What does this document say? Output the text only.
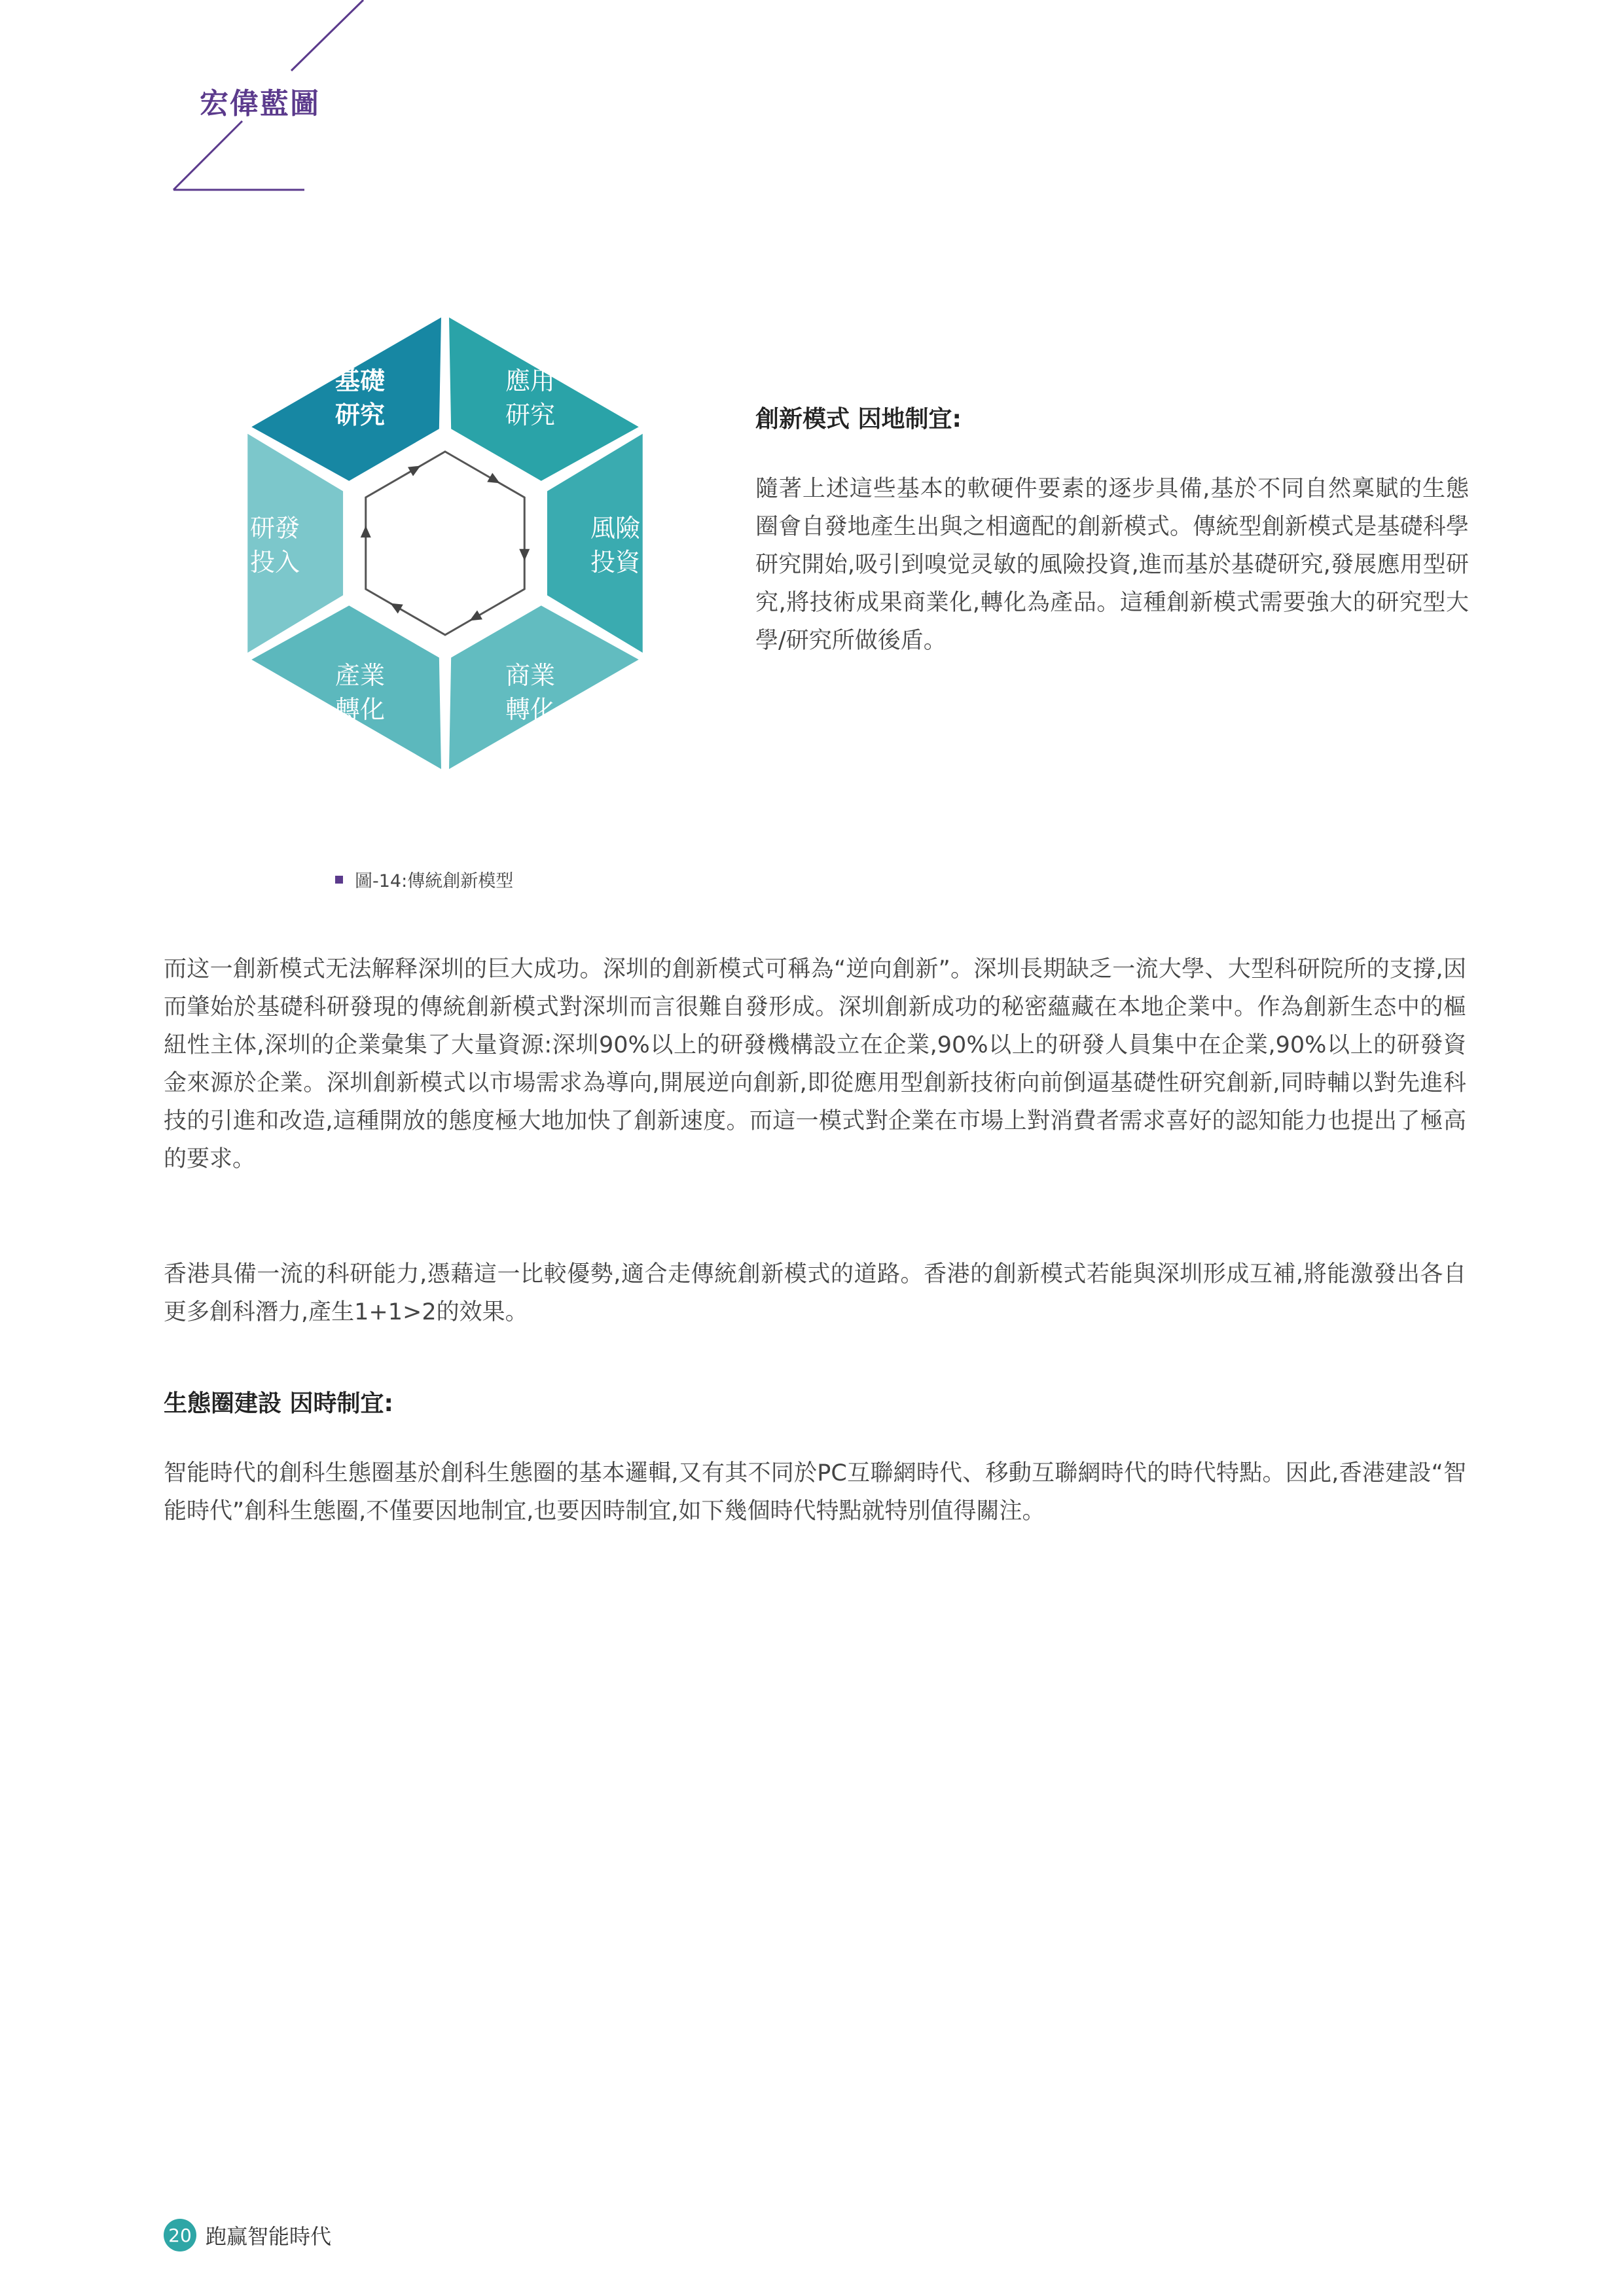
宏偉藍圖
應用
研究
風險
投資
商業
轉化
產業
轉化
研發
投入
基礎
研究
圖-14:傳統創新模型
創新模式 因地制宜:
隨著上述這些基本的軟硬件要素的逐步具備,基於不同自然稟賦的生態圈會自發地產生出與之相適配的創新模式。傳統型創新模式是基礎科學研究開始,吸引到嗅觉灵敏的風險投資,進而基於基礎研究,發展應用型研究,將技術成果商業化,轉化為產品。這種創新模式需要強大的研究型大學/研究所做後盾。
而这一創新模式无法解释深圳的巨大成功。深圳的創新模式可稱為“逆向創新”。深圳長期缺乏一流大學、大型科研院所的支撐,因而肇始於基礎科研發現的傳統創新模式對深圳而言很難自發形成。深圳創新成功的秘密蘊藏在本地企業中。作為創新生态中的樞紐性主体,深圳的企業彙集了大量資源:深圳90%以上的研發機構設立在企業,90%以上的研發人員集中在企業,90%以上的研發資金來源於企業。深圳創新模式以市場需求為導向,開展逆向創新,即從應用型創新技術向前倒逼基礎性研究創新,同時輔以對先進科技的引進和改造,這種開放的態度極大地加快了創新速度。而這一模式對企業在市場上對消費者需求喜好的認知能力也提出了極高的要求。
香港具備一流的科研能力,憑藉這一比較優勢,適合走傳統創新模式的道路。香港的創新模式若能與深圳形成互補,將能激發出各自更多創科潛力,產生1+1>2的效果。
生態圈建設 因時制宜:
智能時代的創科生態圈基於創科生態圈的基本邏輯,又有其不同於PC互聯網時代、移動互聯網時代的時代特點。因此,香港建設“智能時代”創科生態圈,不僅要因地制宜,也要因時制宜,如下幾個時代特點就特別值得關注。
20 跑赢智能時代
